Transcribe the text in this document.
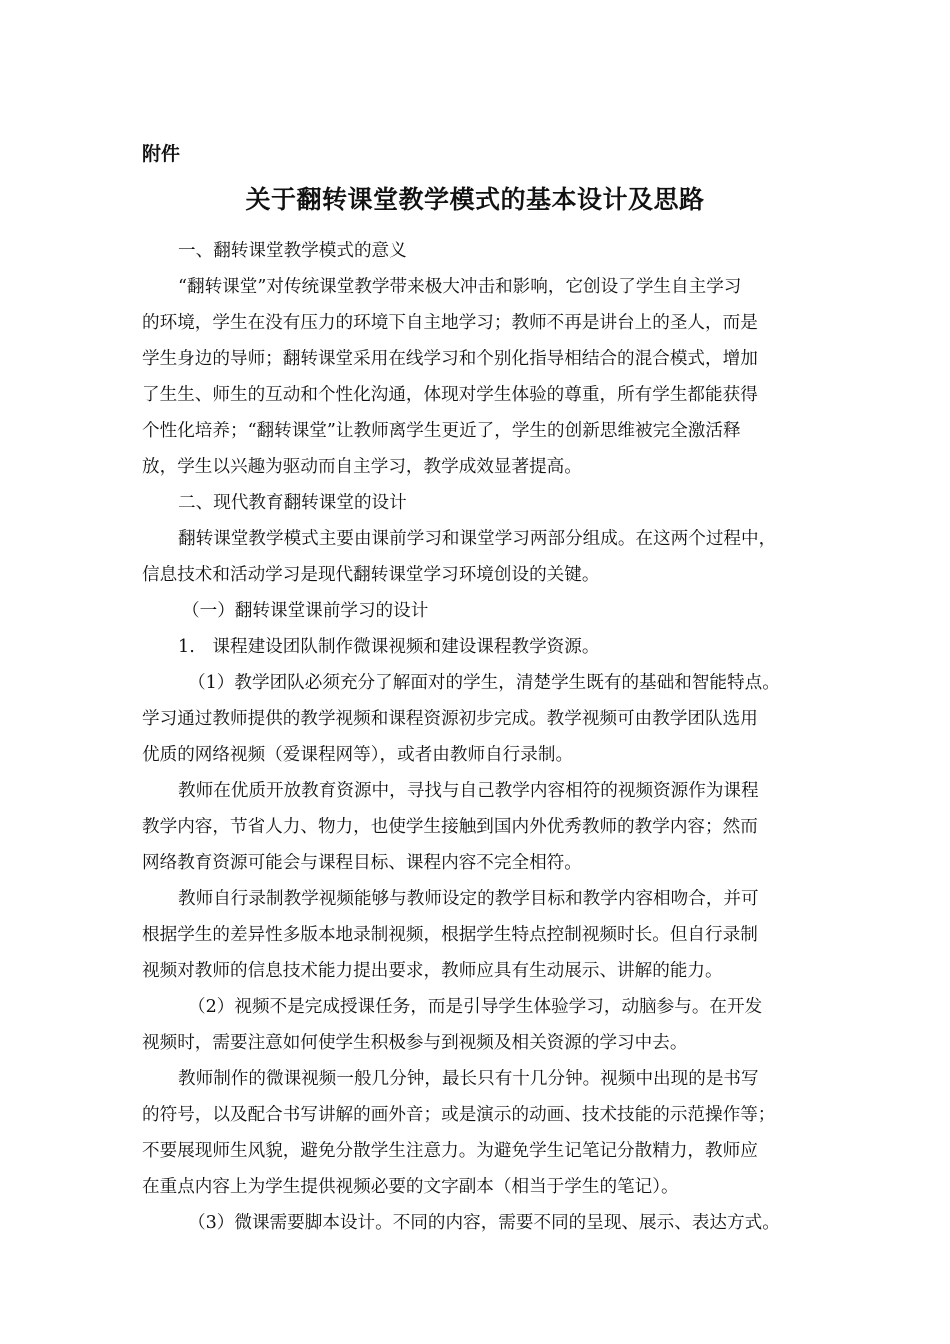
附件
关于翻转课堂教学模式的基本设计及思路
一、翻转课堂教学模式的意义
“翻转课堂”对传统课堂教学带来极大冲击和影响，它创设了学生自主学习
的环境，学生在没有压力的环境下自主地学习；教师不再是讲台上的圣人，而是
学生身边的导师；翻转课堂采用在线学习和个别化指导相结合的混合模式，增加
了生生、师生的互动和个性化沟通，体现对学生体验的尊重，所有学生都能获得
个性化培养；“翻转课堂”让教师离学生更近了，学生的创新思维被完全激活释
放，学生以兴趣为驱动而自主学习，教学成效显著提高。
二、现代教育翻转课堂的设计
翻转课堂教学模式主要由课前学习和课堂学习两部分组成。在这两个过程中，
信息技术和活动学习是现代翻转课堂学习环境创设的关键。
（一）翻转课堂课前学习的设计
1.　课程建设团队制作微课视频和建设课程教学资源。
（1）教学团队必须充分了解面对的学生，清楚学生既有的基础和智能特点。
学习通过教师提供的教学视频和课程资源初步完成。教学视频可由教学团队选用
优质的网络视频（爱课程网等），或者由教师自行录制。
教师在优质开放教育资源中，寻找与自己教学内容相符的视频资源作为课程
教学内容，节省人力、物力，也使学生接触到国内外优秀教师的教学内容；然而
网络教育资源可能会与课程目标、课程内容不完全相符。
教师自行录制教学视频能够与教师设定的教学目标和教学内容相吻合，并可
根据学生的差异性多版本地录制视频，根据学生特点控制视频时长。但自行录制
视频对教师的信息技术能力提出要求，教师应具有生动展示、讲解的能力。
（2）视频不是完成授课任务，而是引导学生体验学习，动脑参与。在开发
视频时，需要注意如何使学生积极参与到视频及相关资源的学习中去。
教师制作的微课视频一般几分钟，最长只有十几分钟。视频中出现的是书写
的符号，以及配合书写讲解的画外音；或是演示的动画、技术技能的示范操作等；
不要展现师生风貌，避免分散学生注意力。为避免学生记笔记分散精力，教师应
在重点内容上为学生提供视频必要的文字副本（相当于学生的笔记）。
（3）微课需要脚本设计。不同的内容，需要不同的呈现、展示、表达方式。
